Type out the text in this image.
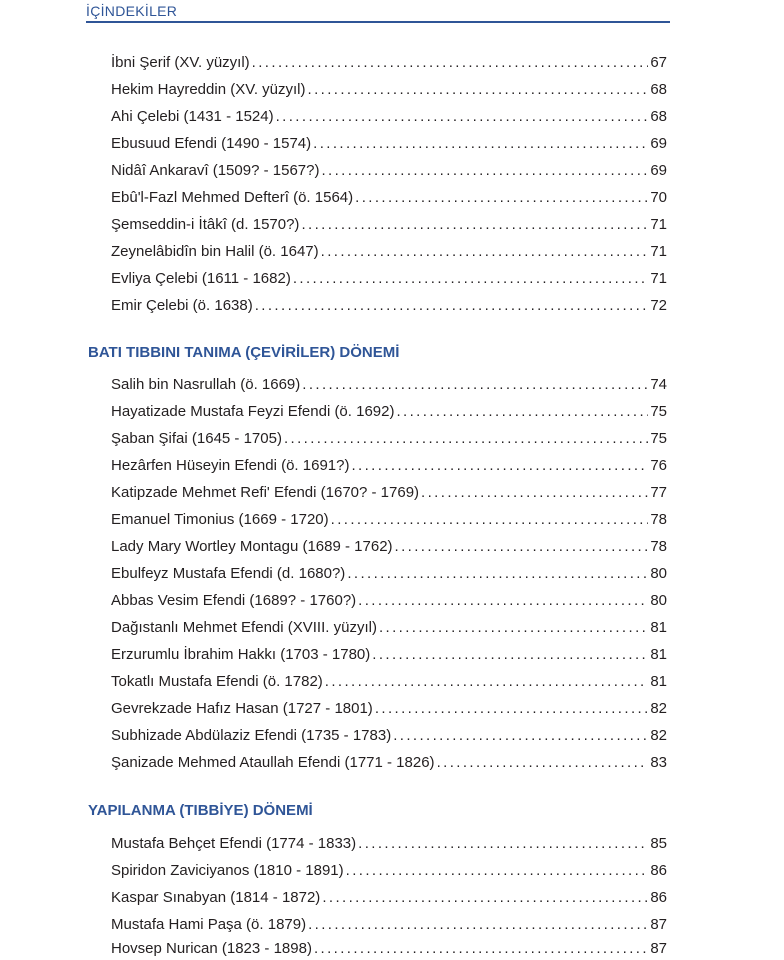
İÇİNDEKİLER
İbni Şerif (XV. yüzyıl) .....	67
Hekim Hayreddin (XV. yüzyıl) .....	68
Ahi Çelebi (1431 - 1524) .....	68
Ebusuud Efendi (1490 - 1574) .....	69
Nidâî Ankaravî (1509? - 1567?) .....	69
Ebû'l-Fazl Mehmed Defterî (ö. 1564) .....	70
Şemseddin-i İtâkî (d. 1570?) .....	71
Zeynelâbidîn bin Halil (ö. 1647) .....	71
Evliya Çelebi (1611 - 1682) .....	71
Emir Çelebi (ö. 1638) .....	72
BATI TIBBINI TANIMA (ÇEVİRİLER) DÖNEMİ
Salih bin Nasrullah (ö. 1669) .....	74
Hayatizade Mustafa Feyzi Efendi (ö. 1692) .....	75
Şaban Şifai (1645 - 1705) .....	75
Hezârfen Hüseyin Efendi (ö. 1691?) .....	76
Katipzade Mehmet Refi' Efendi (1670? - 1769) .....	77
Emanuel Timonius (1669 - 1720) .....	78
Lady Mary Wortley Montagu (1689 - 1762) .....	78
Ebulfeyz Mustafa Efendi (d. 1680?) .....	80
Abbas Vesim Efendi (1689? - 1760?) .....	80
Dağıstanlı Mehmet Efendi (XVIII. yüzyıl) .....	81
Erzurumlu İbrahim Hakkı (1703 - 1780) .....	81
Tokatlı Mustafa Efendi (ö. 1782) .....	81
Gevrekzade Hafız Hasan (1727 - 1801) .....	82
Subhizade Abdülaziz Efendi (1735 - 1783) .....	82
Şanizade Mehmed Ataullah Efendi (1771 - 1826) .....	83
YAPILANMA (TIBBİYE) DÖNEMİ
Mustafa Behçet Efendi (1774 - 1833) .....	85
Spiridon Zaviciyanos (1810 - 1891) .....	86
Kaspar Sınabyan (1814 - 1872) .....	86
Mustafa Hami Paşa (ö. 1879) .....	87
Hovsep Nurican (1823 - 1898) .....	87
